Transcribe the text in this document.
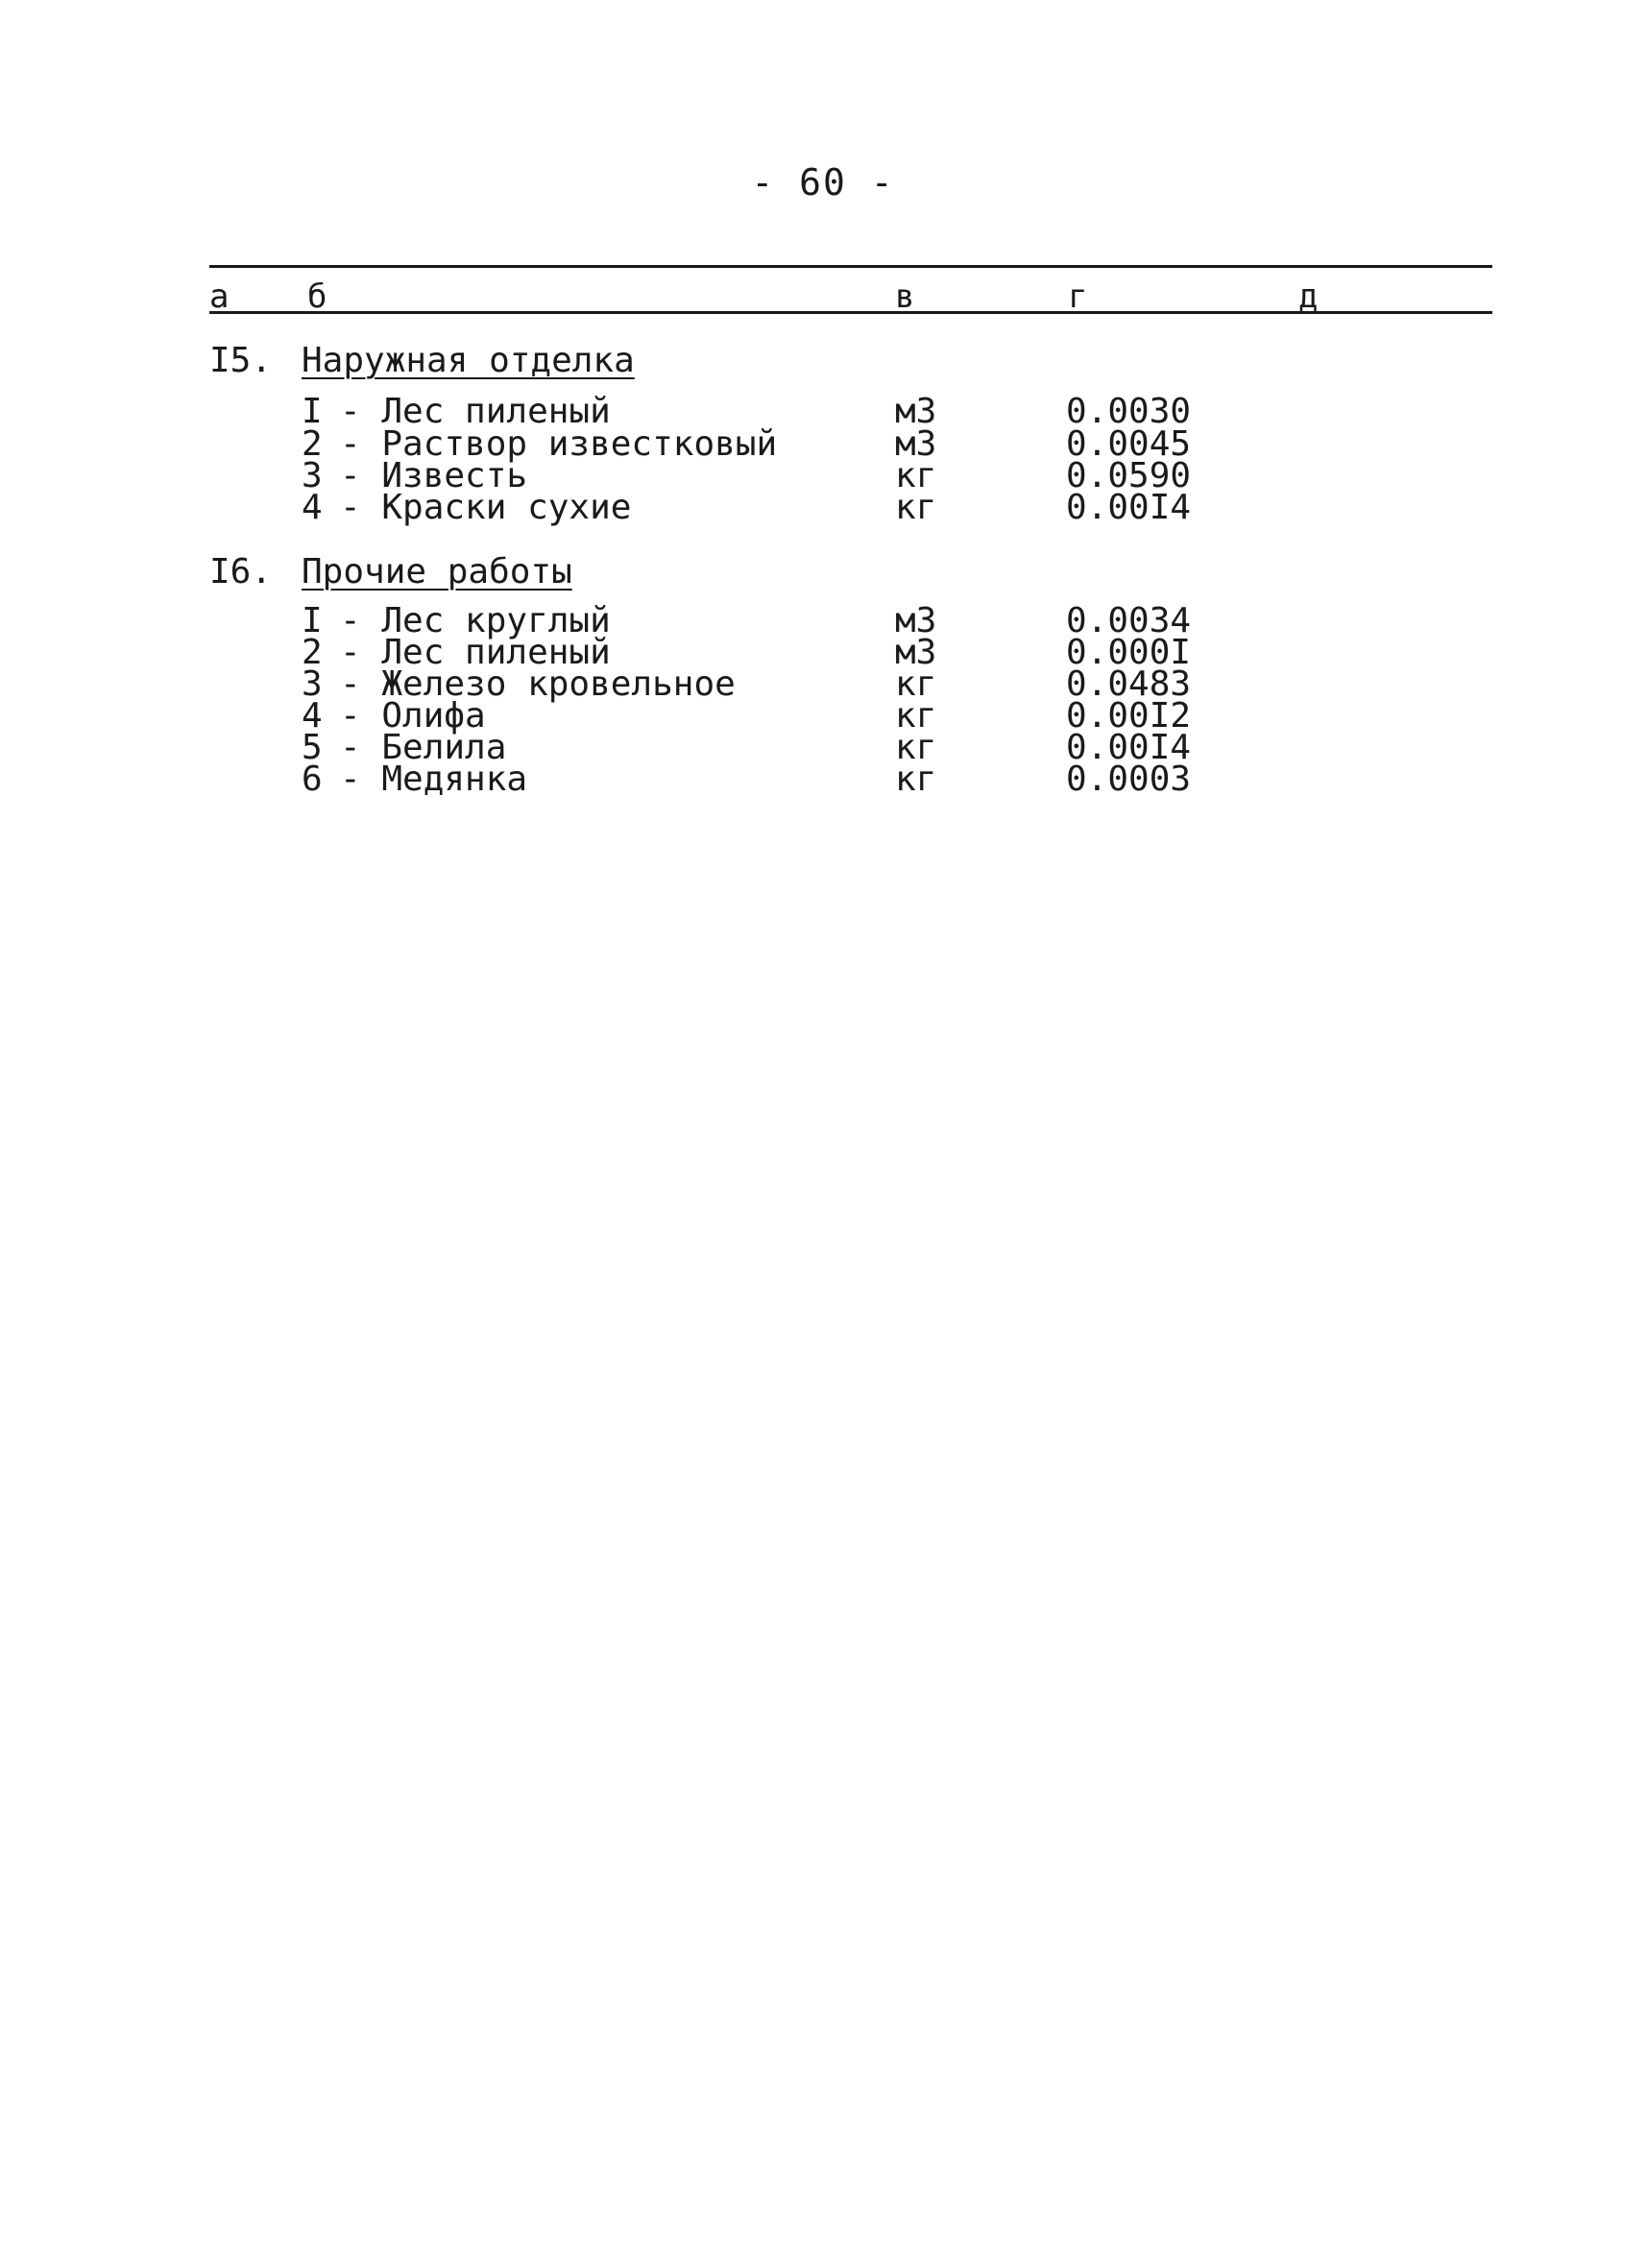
- 60 -
а б	в	г	д
I5. Наружная отделка
I - Лес пиленый	м3	0.0030
2 - Раствор известковый	м3	0.0045
3 - Известь	кг	0.0590
4 - Краски сухие	кг	0.00I4
I6. Прочие работы
I - Лес круглый	м3	0.0034
2 - Лес пиленый	м3	0.000I
3 - Железо кровельное	кг	0.0483
4 - Олифа	кг	0.00I2
5 - Белила	кг	0.00I4
6 - Медянка	кг	0.0003
